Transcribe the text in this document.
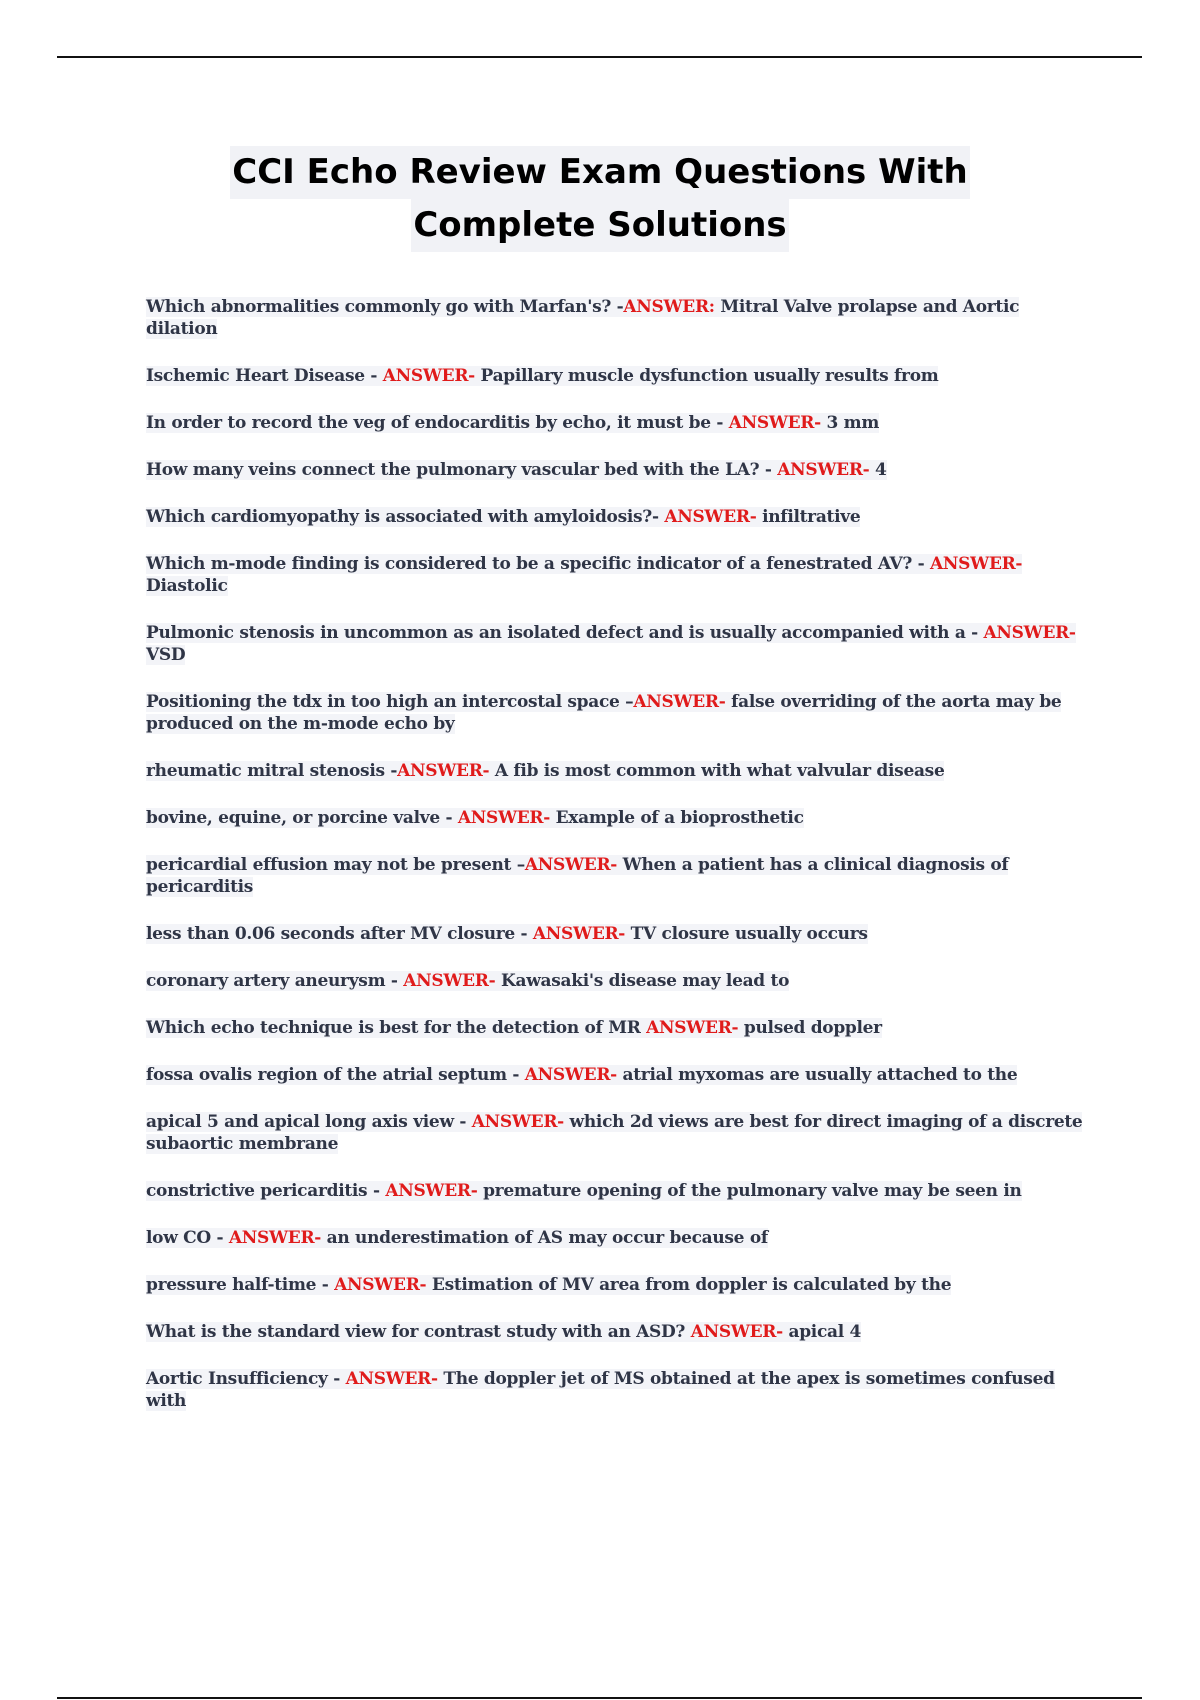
CCI Echo Review Exam Questions With
Complete Solutions
Which abnormalities commonly go with Marfan's? -ANSWER: Mitral Valve prolapse and Aortic dilation
Ischemic Heart Disease - ANSWER- Papillary muscle dysfunction usually results from
In order to record the veg of endocarditis by echo, it must be - ANSWER- 3 mm
How many veins connect the pulmonary vascular bed with the LA? - ANSWER- 4
Which cardiomyopathy is associated with amyloidosis?- ANSWER- infiltrative
Which m-mode finding is considered to be a specific indicator of a fenestrated AV? - ANSWER- Diastolic
Pulmonic stenosis in uncommon as an isolated defect and is usually accompanied with a - ANSWER- VSD
Positioning the tdx in too high an intercostal space –ANSWER- false overriding of the aorta may be produced on the m-mode echo by
rheumatic mitral stenosis -ANSWER- A fib is most common with what valvular disease
bovine, equine, or porcine valve - ANSWER- Example of a bioprosthetic
pericardial effusion may not be present –ANSWER- When a patient has a clinical diagnosis of pericarditis
less than 0.06 seconds after MV closure - ANSWER- TV closure usually occurs
coronary artery aneurysm - ANSWER- Kawasaki's disease may lead to
Which echo technique is best for the detection of MR ANSWER- pulsed doppler
fossa ovalis region of the atrial septum - ANSWER- atrial myxomas are usually attached to the
apical 5 and apical long axis view - ANSWER- which 2d views are best for direct imaging of a discrete subaortic membrane
constrictive pericarditis - ANSWER- premature opening of the pulmonary valve may be seen in
low CO - ANSWER- an underestimation of AS may occur because of
pressure half-time - ANSWER- Estimation of MV area from doppler is calculated by the
What is the standard view for contrast study with an ASD? ANSWER- apical 4
Aortic Insufficiency - ANSWER- The doppler jet of MS obtained at the apex is sometimes confused with
